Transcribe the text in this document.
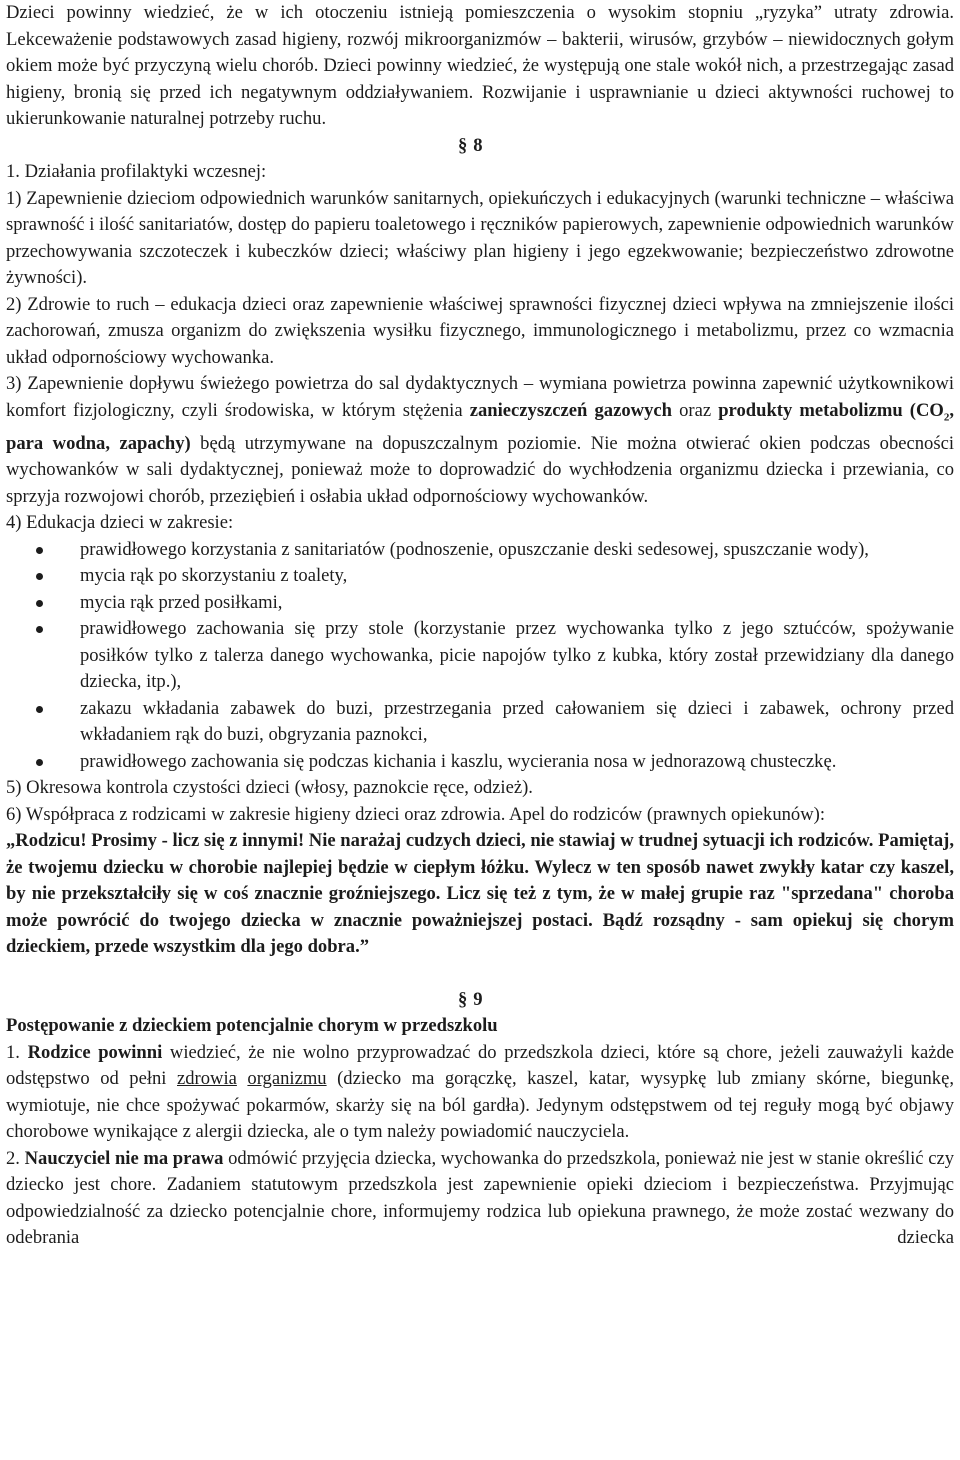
Dzieci powinny wiedzieć, że w ich otoczeniu istnieją pomieszczenia o wysokim stopniu „ryzyka” utraty zdrowia. Lekceważenie podstawowych zasad higieny, rozwój mikroorganizmów – bakterii, wirusów, grzybów – niewidocznych gołym okiem może być przyczyną wielu chorób. Dzieci powinny wiedzieć, że występują one stale wokół nich, a przestrzegając zasad higieny, bronią się przed ich negatywnym oddziaływaniem. Rozwijanie i usprawnianie u dzieci aktywności ruchowej to ukierunkowanie naturalnej potrzeby ruchu.

§ 8

1. Działania profilaktyki wczesnej:

1) Zapewnienie dzieciom odpowiednich warunków sanitarnych, opiekuńczych i edukacyjnych (warunki techniczne – właściwa sprawność i ilość sanitariatów, dostęp do papieru toaletowego i ręczników papierowych, zapewnienie odpowiednich warunków przechowywania szczoteczek i kubeczków dzieci; właściwy plan higieny i jego egzekwowanie; bezpieczeństwo zdrowotne żywności).

2) Zdrowie to ruch – edukacja dzieci oraz zapewnienie właściwej sprawności fizycznej dzieci wpływa na zmniejszenie ilości zachorowań, zmusza organizm do zwiększenia wysiłku fizycznego, immunologicznego i metabolizmu, przez co wzmacnia układ odpornościowy wychowanka.

3) Zapewnienie dopływu świeżego powietrza do sal dydaktycznych – wymiana powietrza powinna zapewnić użytkownikowi komfort fizjologiczny, czyli środowiska, w którym stężenia zanieczyszczeń gazowych oraz produkty metabolizmu ($CO_2$, para wodna, zapachy) będą utrzymywane na dopuszczalnym poziomie. Nie można otwierać okien podczas obecności wychowanków w sali dydaktycznej, ponieważ może to doprowadzić do wychłodzenia organizmu dziecka i przewiania, co sprzyja rozwojowi chorób, przeziębień i osłabia układ odpornościowy wychowanków.

4) Edukacja dzieci w zakresie:

prawidłowego korzystania z sanitariatów (podnoszenie, opuszczanie deski sedesowej, spuszczanie wody),
mycia rąk po skorzystaniu z toalety,
mycia rąk przed posiłkami,
prawidłowego zachowania się przy stole (korzystanie przez wychowanka tylko z jego sztućców, spożywanie posiłków tylko z talerza danego wychowanka, picie napojów tylko z kubka, który został przewidziany dla danego dziecka, itp.),
zakazu wkładania zabawek do buzi, przestrzegania przed całowaniem się dzieci i zabawek, ochrony przed wkładaniem rąk do buzi, obgryzania paznokci,
prawidłowego zachowania się podczas kichania i kaszlu, wycierania nosa w jednorazową chusteczkę.

5) Okresowa kontrola czystości dzieci (włosy, paznokcie ręce, odzież).

6) Współpraca z rodzicami w zakresie higieny dzieci oraz zdrowia. Apel do rodziców (prawnych opiekunów):

„Rodzicu! Prosimy - licz się z innymi! Nie narażaj cudzych dzieci, nie stawiaj w trudnej sytuacji ich rodziców. Pamiętaj, że twojemu dziecku w chorobie najlepiej będzie w ciepłym łóżku. Wylecz w ten sposób nawet zwykły katar czy kaszel, by nie przekształciły się w coś znacznie groźniejszego. Licz się też z tym, że w małej grupie raz "sprzedana" choroba może powrócić do twojego dziecka w znacznie poważniejszej postaci. Bądź rozsądny - sam opiekuj się chorym dzieckiem, przede wszystkim dla jego dobra.”

§ 9

Postępowanie z dzieckiem potencjalnie chorym w przedszkolu

1. Rodzice powinni wiedzieć, że nie wolno przyprowadzać do przedszkola dzieci, które są chore, jeżeli zauważyli każde odstępstwo od pełni zdrowia organizmu (dziecko ma gorączkę, kaszel, katar, wysypkę lub zmiany skórne, biegunkę, wymiotuje, nie chce spożywać pokarmów, skarży się na ból gardła). Jedynym odstępstwem od tej reguły mogą być objawy chorobowe wynikające z alergii dziecka, ale o tym należy powiadomić nauczyciela.

2. Nauczyciel nie ma prawa odmówić przyjęcia dziecka, wychowanka do przedszkola, ponieważ nie jest w stanie określić czy dziecko jest chore. Zadaniem statutowym przedszkola jest zapewnienie opieki dzieciom i bezpieczeństwa. Przyjmując odpowiedzialność za dziecko potencjalnie chore, informujemy rodzica lub opiekuna prawnego, że może zostać wezwany do odebrania dziecka
